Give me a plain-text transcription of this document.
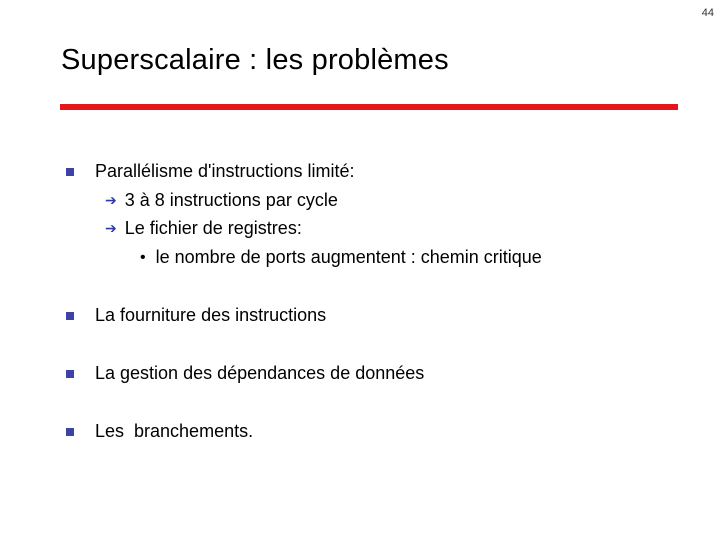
44
Superscalaire : les problèmes
Parallélisme d'instructions limité:
➔ 3 à 8 instructions par cycle
➔ Le fichier de registres:
• le nombre de ports augmentent : chemin critique
La fourniture des instructions
La gestion des dépendances de données
Les  branchements.
